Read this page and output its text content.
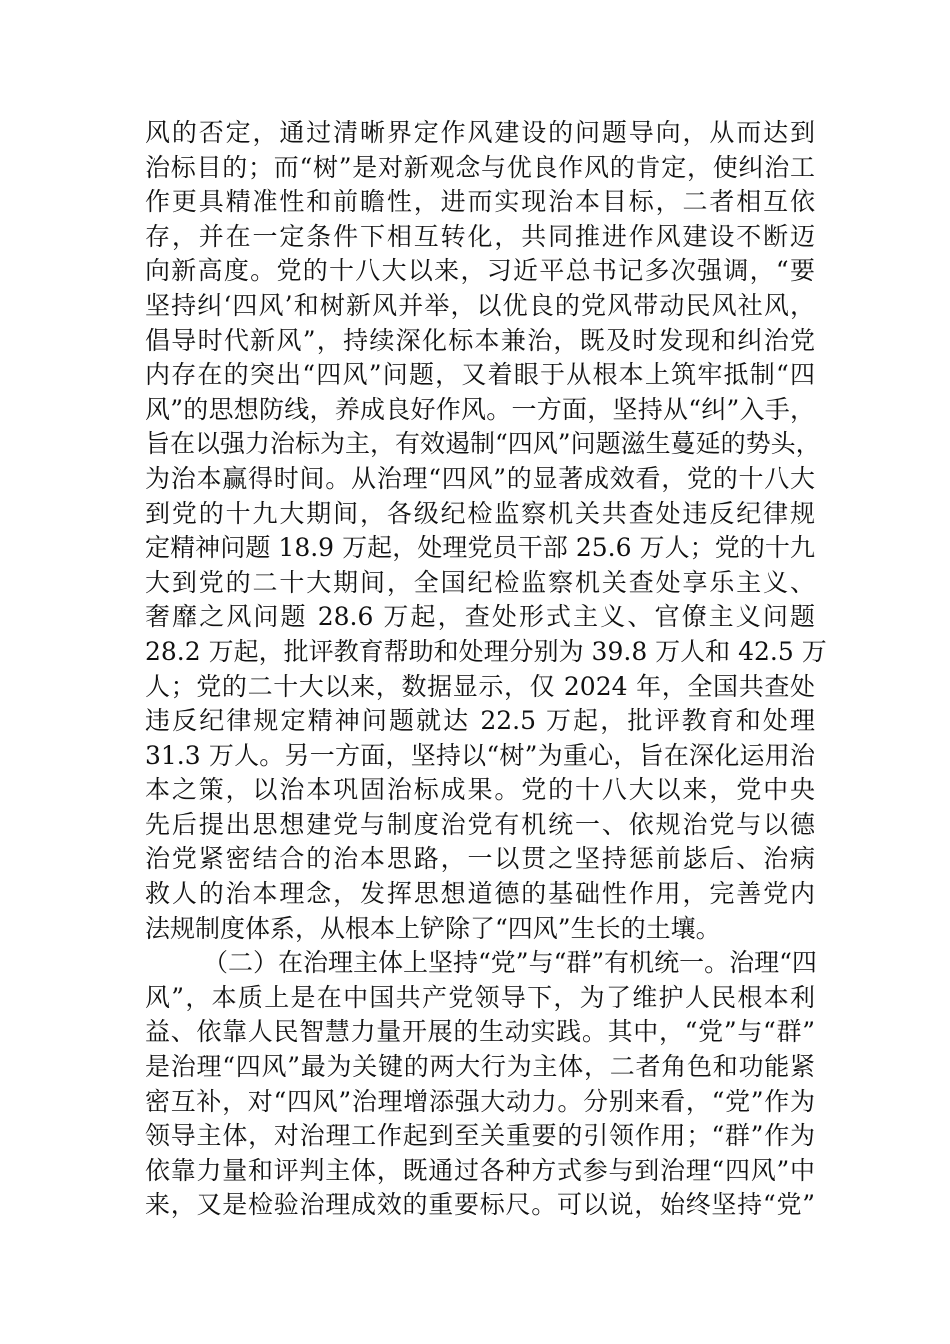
风的否定，通过清晰界定作风建设的问题导向，从而达到
治标目的；而“树”是对新观念与优良作风的肯定，使纠治工
作更具精准性和前瞻性，进而实现治本目标，二者相互依
存，并在一定条件下相互转化，共同推进作风建设不断迈
向新高度。党的十八大以来，习近平总书记多次强调，“要
坚持纠‘四风’和树新风并举，以优良的党风带动民风社风，
倡导时代新风”，持续深化标本兼治，既及时发现和纠治党
内存在的突出“四风”问题，又着眼于从根本上筑牢抵制“四
风”的思想防线，养成良好作风。一方面，坚持从“纠”入手，
旨在以强力治标为主，有效遏制“四风”问题滋生蔓延的势头，
为治本赢得时间。从治理“四风”的显著成效看，党的十八大
到党的十九大期间，各级纪检监察机关共查处违反纪律规
定精神问题 18.9 万起，处理党员干部 25.6 万人；党的十九
大到党的二十大期间，全国纪检监察机关查处享乐主义、
奢靡之风问题 28.6 万起，查处形式主义、官僚主义问题
28.2 万起，批评教育帮助和处理分别为 39.8 万人和 42.5 万
人；党的二十大以来，数据显示，仅 2024 年，全国共查处
违反纪律规定精神问题就达 22.5 万起，批评教育和处理
31.3 万人。另一方面，坚持以“树”为重心，旨在深化运用治
本之策，以治本巩固治标成果。党的十八大以来，党中央
先后提出思想建党与制度治党有机统一、依规治党与以德
治党紧密结合的治本思路，一以贯之坚持惩前毖后、治病
救人的治本理念，发挥思想道德的基础性作用，完善党内
法规制度体系，从根本上铲除了“四风”生长的土壤。
（二）在治理主体上坚持“党”与“群”有机统一。治理“四
风”，本质上是在中国共产党领导下，为了维护人民根本利
益、依靠人民智慧力量开展的生动实践。其中，“党”与“群”
是治理“四风”最为关键的两大行为主体，二者角色和功能紧
密互补，对“四风”治理增添强大动力。分别来看，“党”作为
领导主体，对治理工作起到至关重要的引领作用；“群”作为
依靠力量和评判主体，既通过各种方式参与到治理“四风”中
来，又是检验治理成效的重要标尺。可以说，始终坚持“党”
